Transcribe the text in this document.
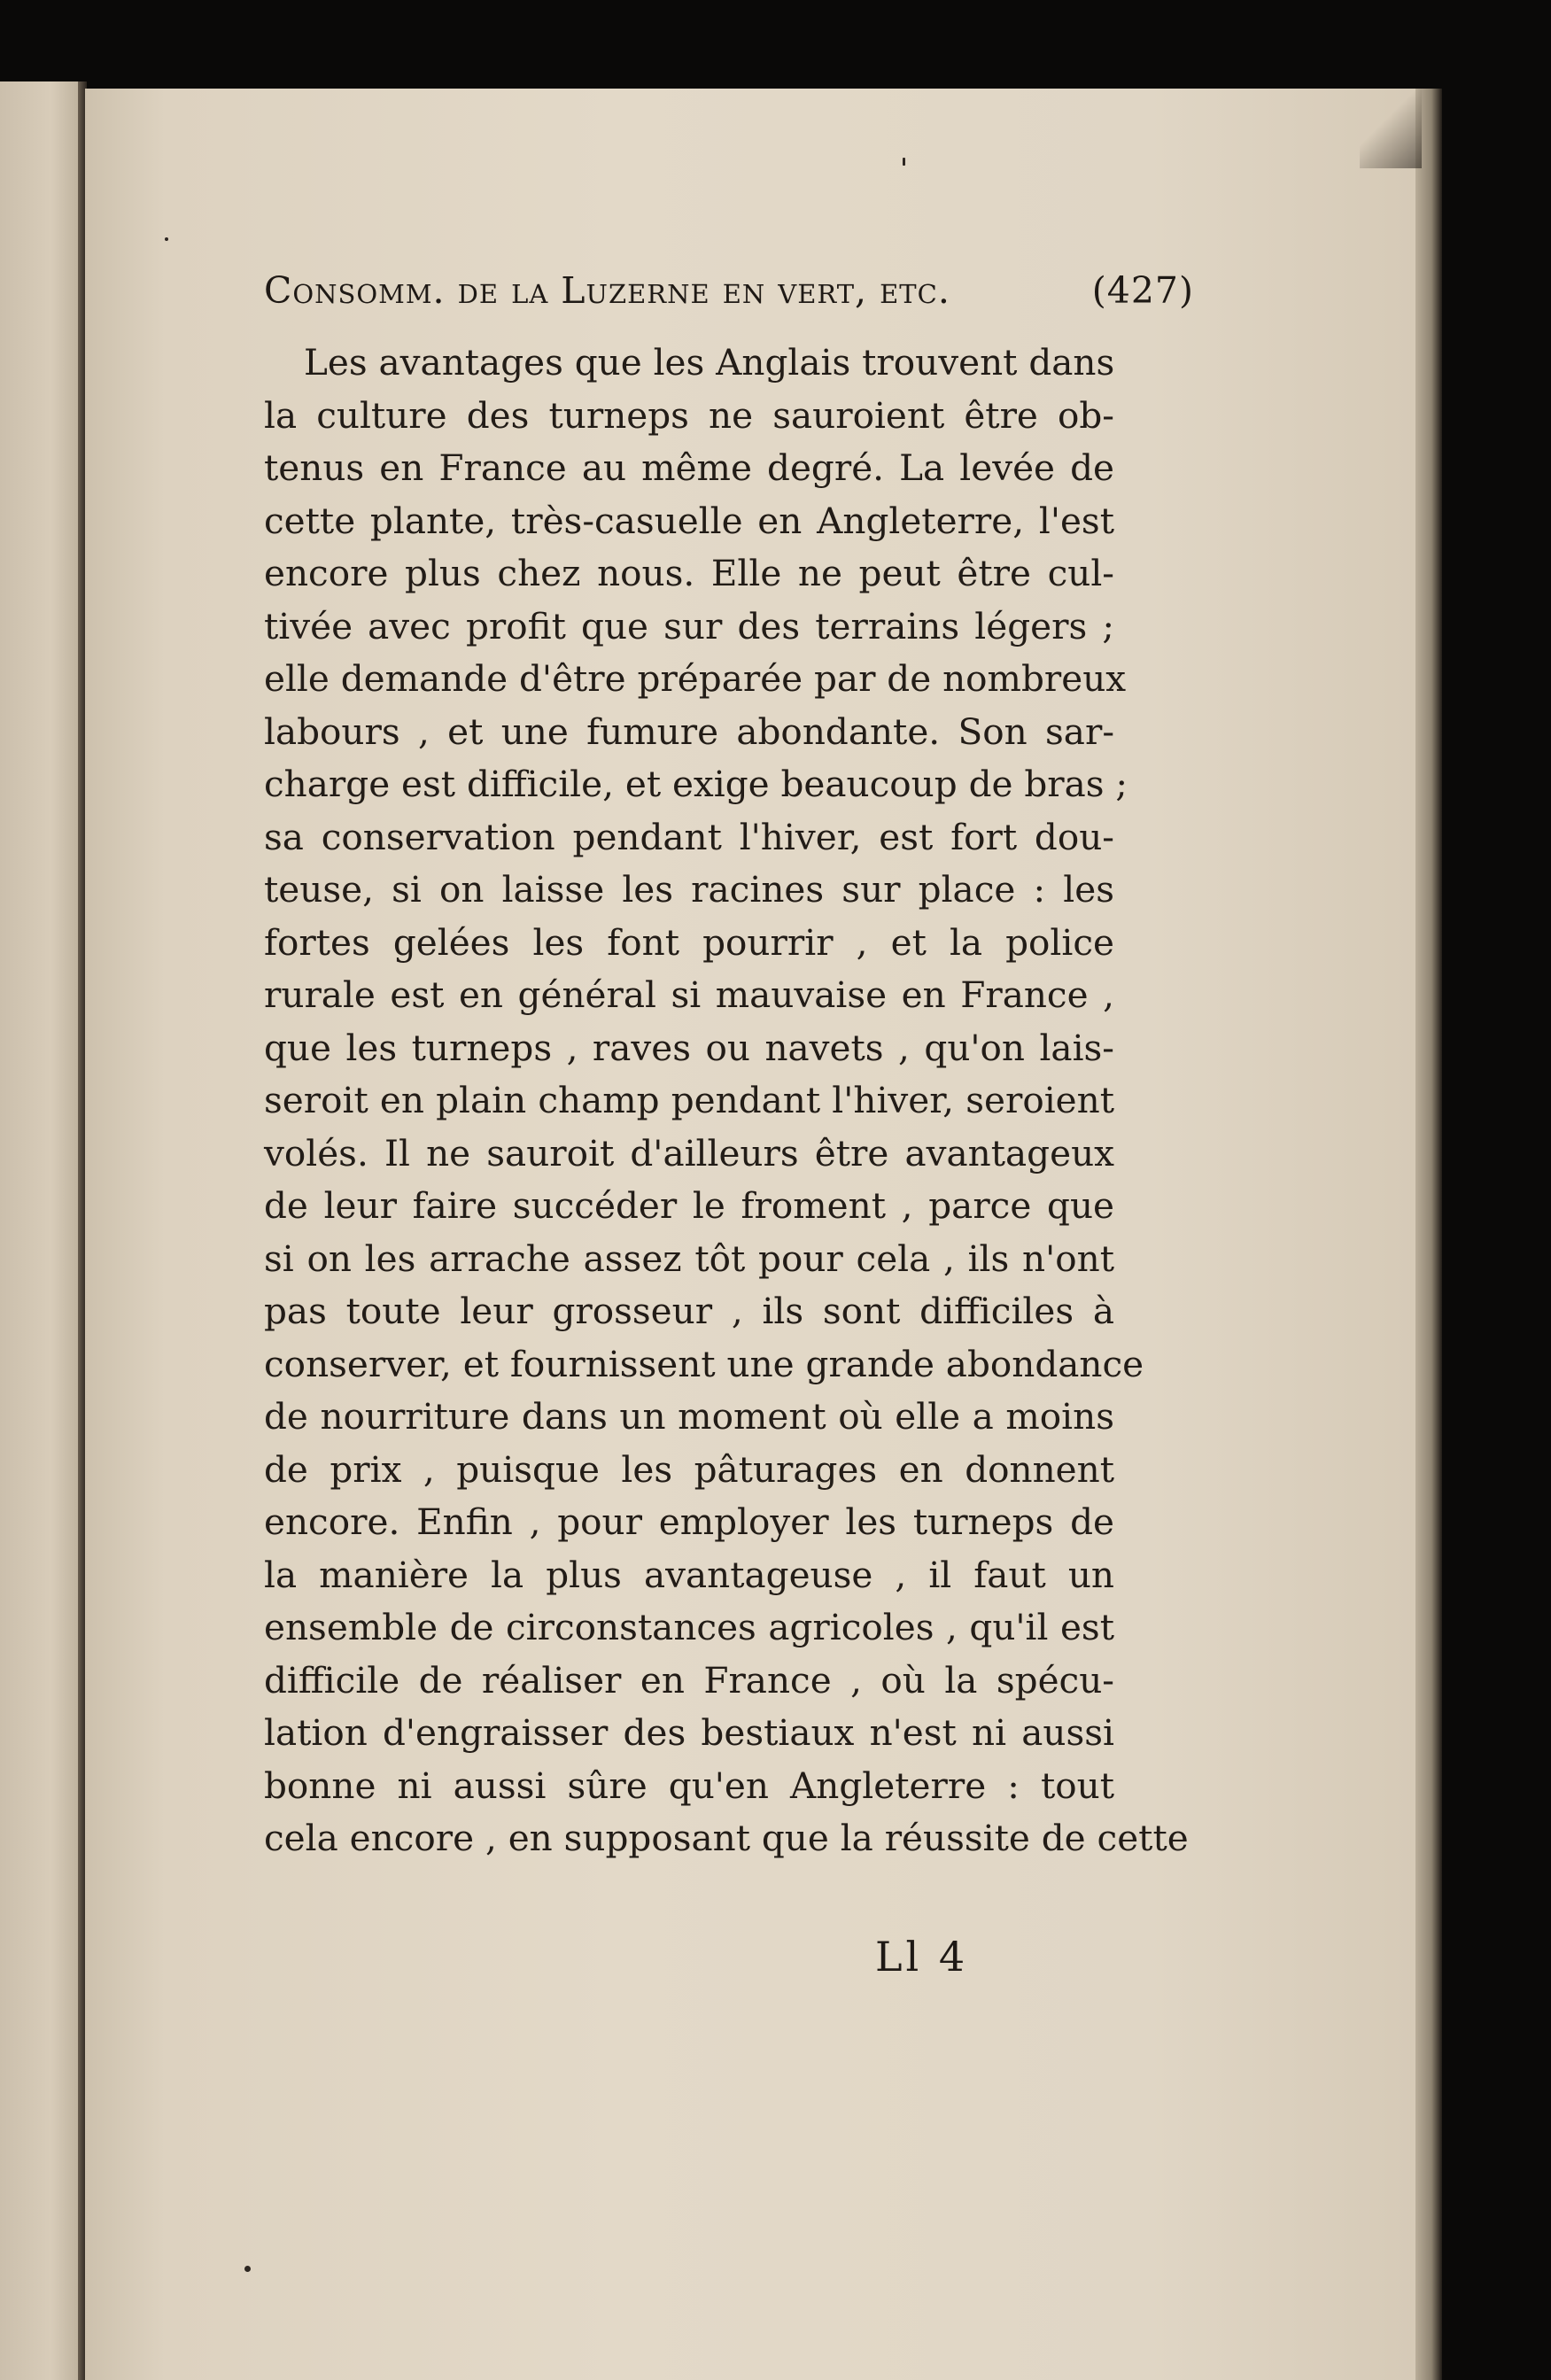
Consomm. de la Luzerne en vert, etc.	(427)
Les avantages que les Anglais trouvent dans
la culture des turneps ne sauroient être ob-
tenus en France au même degré. La levée de
cette plante, très-casuelle en Angleterre, l'est
encore plus chez nous. Elle ne peut être cul-
tivée avec profit que sur des terrains légers ;
elle demande d'être préparée par de nombreux
labours , et une fumure abondante. Son sar-
charge est difficile, et exige beaucoup de bras ;
sa conservation pendant l'hiver, est fort dou-
teuse, si on laisse les racines sur place : les
fortes gelées les font pourrir , et la police
rurale est en général si mauvaise en France ,
que les turneps , raves ou navets , qu'on lais-
seroit en plain champ pendant l'hiver, seroient
volés. Il ne sauroit d'ailleurs être avantageux
de leur faire succéder le froment , parce que
si on les arrache assez tôt pour cela , ils n'ont
pas toute leur grosseur , ils sont difficiles à
conserver, et fournissent une grande abondance
de nourriture dans un moment où elle a moins
de prix , puisque les pâturages en donnent
encore. Enfin , pour employer les turneps de
la manière la plus avantageuse , il faut un
ensemble de circonstances agricoles , qu'il est
difficile de réaliser en France , où la spécu-
lation d'engraisser des bestiaux n'est ni aussi
bonne ni aussi sûre qu'en Angleterre : tout
cela encore , en supposant que la réussite de cette
Ll 4
